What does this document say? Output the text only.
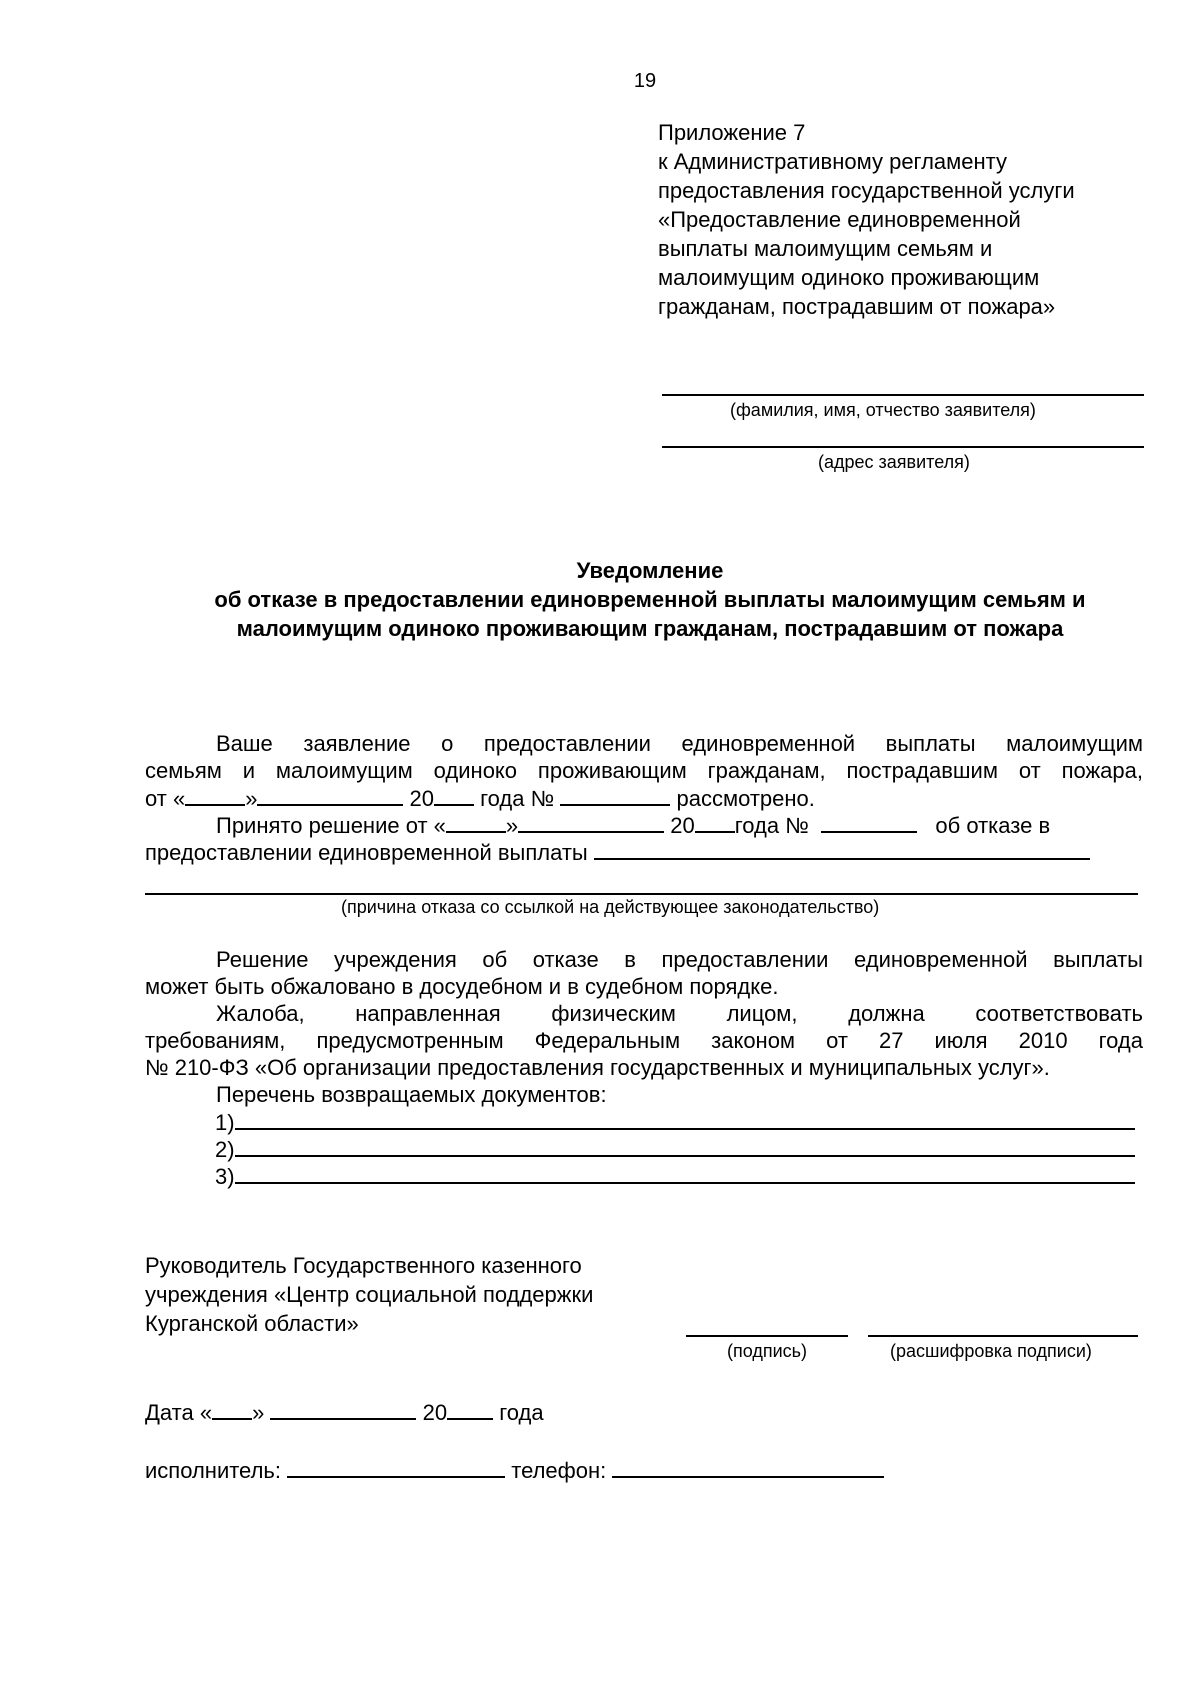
19
Приложение 7
к Административному регламенту
предоставления государственной услуги
«Предоставление единовременной
выплаты малоимущим семьям и
малоимущим одиноко проживающим
гражданам, пострадавшим от пожара»
(фамилия, имя, отчество заявителя)
(адрес заявителя)
Уведомление
об отказе в предоставлении единовременной выплаты малоимущим семьям и
малоимущим одиноко проживающим гражданам, пострадавшим от пожара
Ваше заявление о предоставлении единовременной выплаты малоимущим
семьям и малоимущим одиноко проживающим гражданам, пострадавшим от пожара,
от «	»	20 года №	рассмотрено.
Принято решение от «	»	20 года №	об отказе в
предоставлении единовременной выплаты
(причина отказа со ссылкой на действующее законодательство)
Решение учреждения об отказе в предоставлении единовременной выплаты
может быть обжаловано в досудебном и в судебном порядке.
Жалоба, направленная физическим лицом, должна соответствовать
требованиям, предусмотренным Федеральным законом от 27 июля 2010 года
№ 210-ФЗ «Об организации предоставления государственных и муниципальных услуг».
Перечень возвращаемых документов:
1)
2)
3)
Руководитель Государственного казенного
учреждения «Центр социальной поддержки
Курганской области»
(подпись)	(расшифровка подписи)
Дата « »	20 года
исполнитель:	телефон:
